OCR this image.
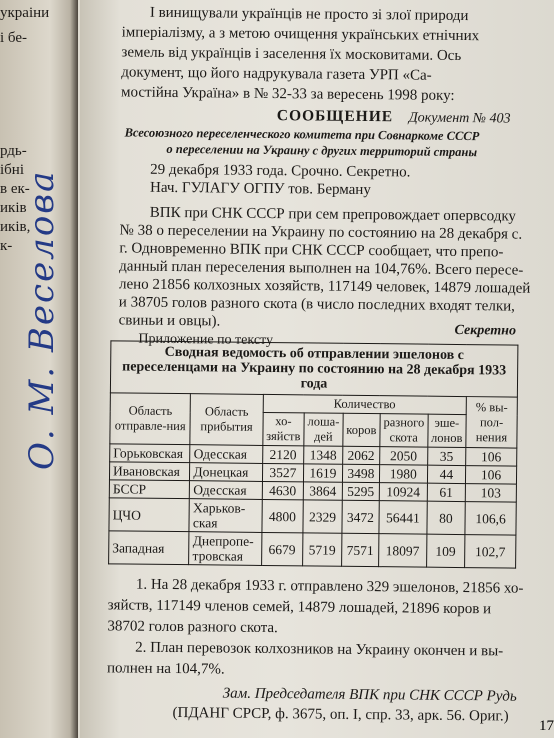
украіни
і бе-
рдь-
ібні
в ек-
иків
иків,
к- О. М. Веселова
І винищували українців не просто зі злої природи
імперіалізму, а з метою очищення українських етнічних
земель від українців і заселення їх московитами. Ось
документ, що його надрукувала газета УРП «Са-
мостійна Україна» в № 32-33 за вересень 1998 року:
СООБЩЕНИЕ Документ № 403
Всесоюзного переселенческого комитета при Совнаркоме СССР
о переселении на Украину с других территорий страны
29 декабря 1933 года. Срочно. Секретно.
Нач. ГУЛАГУ ОГПУ тов. Берману
ВПК при СНК СССР при сем препровождает опервсодку
№ 38 о переселении на Украину по состоянию на 28 декабря с.
г. Одновременно ВПК при СНК СССР сообщает, что препо-
данный план переселения выполнен на 104,76%. Всего пересе-
лено 21856 колхозных хозяйств, 117149 человек, 14879 лошадей
и 38705 голов разного скота (в число последних входят телки,
свиньи и овцы).
Приложение по тексту
Секретно
Сводная ведомость об отправлении эшелонов с переселенцами на Украину по состоянию на 28 декабря 1933 года							
Область отправле-ния	Область прибытия	Количество					% вы-пол-нения
		хо-зяйств	лоша-дей	коров	разного скота	эше-лонов	
Горьковская	Одесская	2120	1348	2062	2050	35	106
Ивановская	Донецкая	3527	1619	3498	1980	44	106
БССР	Одесская	4630	3864	5295	10924	61	103
ЦЧО	Харьков-ская	4800	2329	3472	56441	80	106,6
Западная	Днепропе-тровская	6679	5719	7571	18097	109	102,7
1. На 28 декабря 1933 г. отправлено 329 эшелонов, 21856 хо-
зяйств, 117149 членов семей, 14879 лошадей, 21896 коров и
38702 голов разного скота.
2. План перевозок колхозников на Украину окончен и вы-
полнен на 104,7%.
Зам. Председателя ВПК при СНК СССР Рудь
(ПДАНГ СРСР, ф. 3675, оп. І, спр. 33, арк. 56. Ориг.)
17
